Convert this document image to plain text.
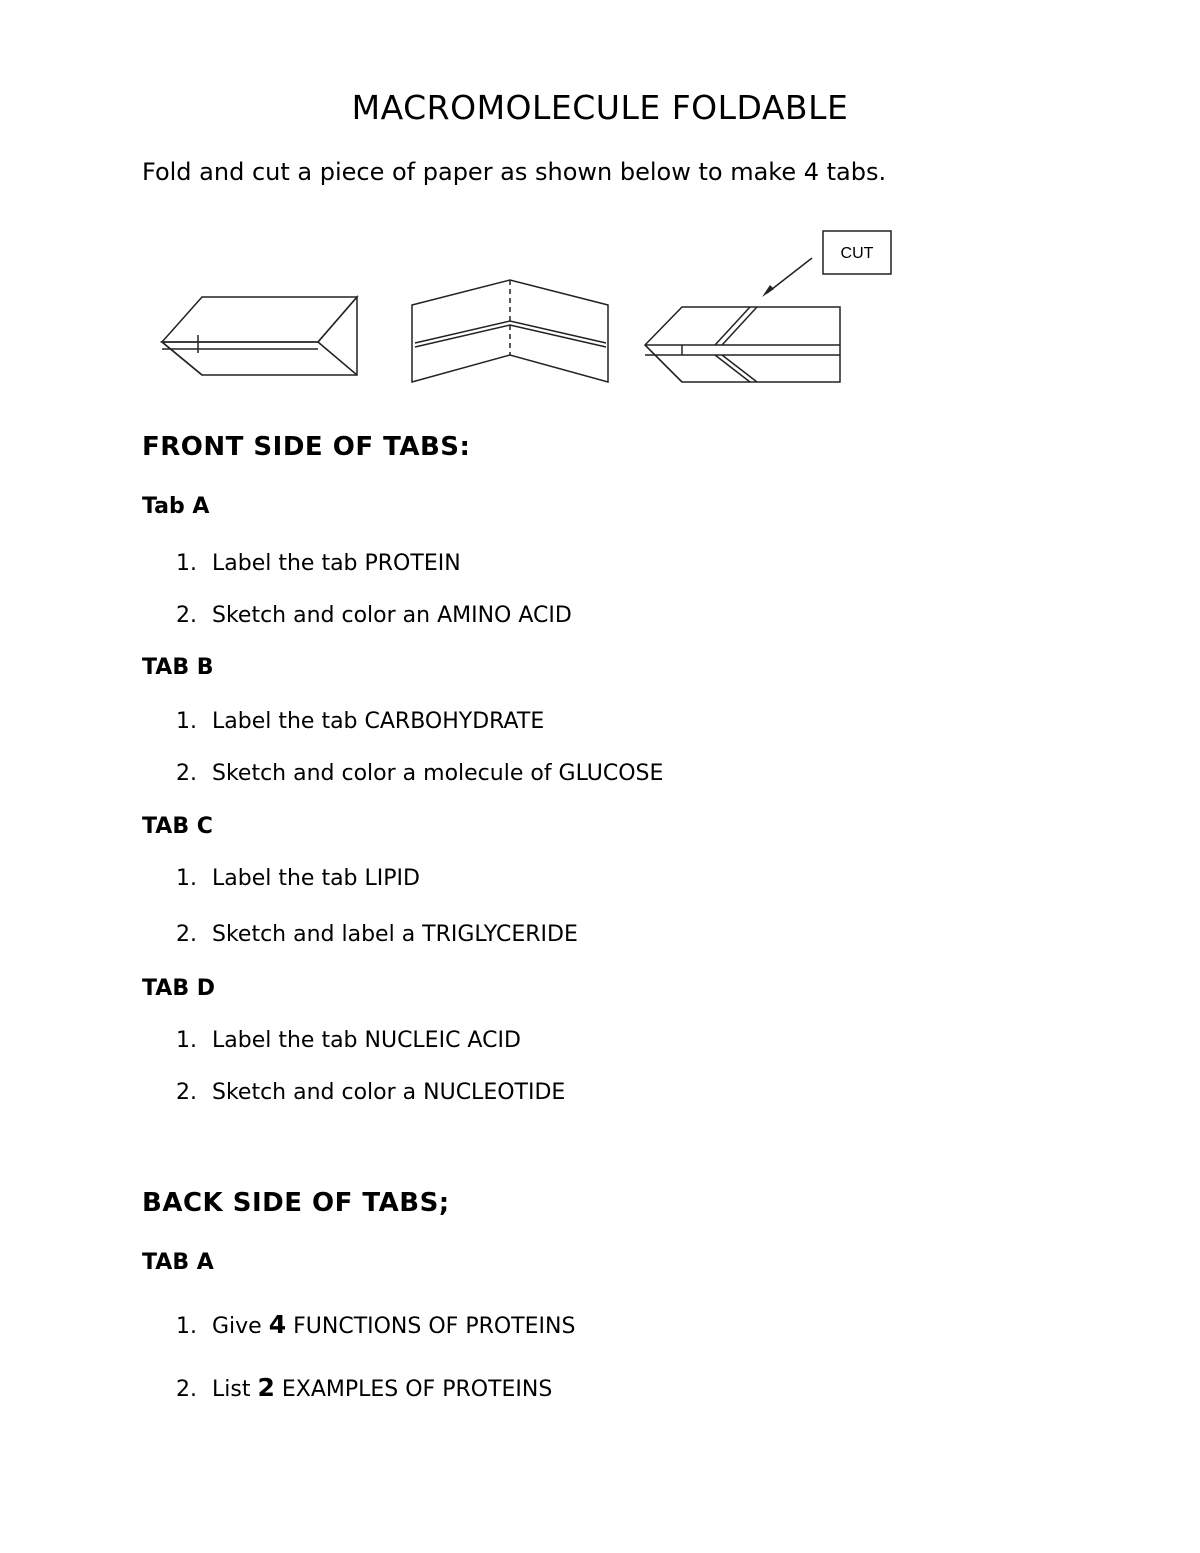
MACROMOLECULE FOLDABLE
Fold and cut a piece of paper as shown below to make 4 tabs.
CUT
FRONT SIDE OF TABS:
Tab A
1. Label the tab PROTEIN
2. Sketch and color an AMINO ACID
TAB B
1. Label the tab CARBOHYDRATE
2. Sketch and color a molecule of GLUCOSE
TAB C
1. Label the tab LIPID
2. Sketch and label a TRIGLYCERIDE
TAB D
1. Label the tab NUCLEIC ACID
2. Sketch and color a NUCLEOTIDE
BACK SIDE OF TABS;
TAB A
1. Give 4 FUNCTIONS OF PROTEINS
2. List 2 EXAMPLES OF PROTEINS
